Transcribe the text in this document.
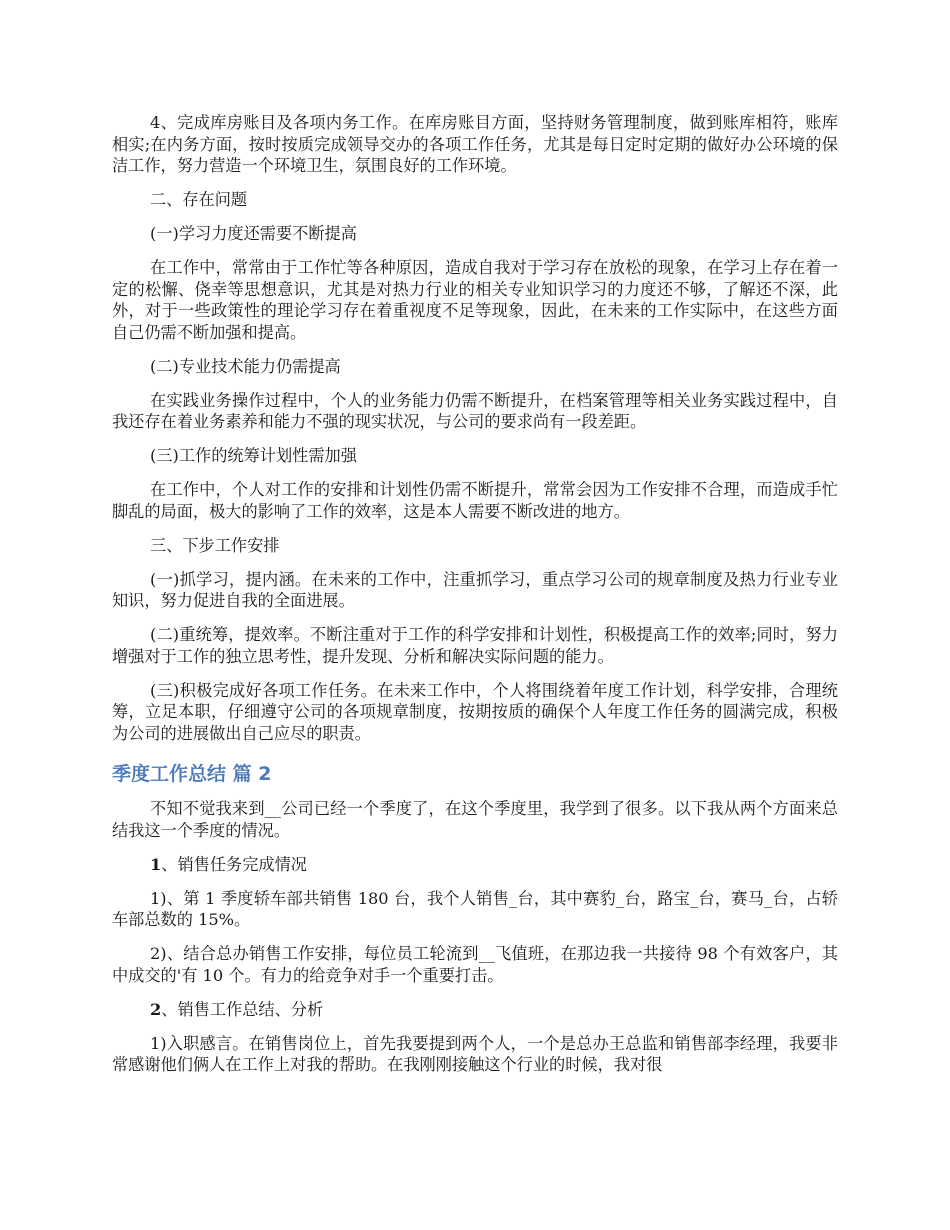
4、完成库房账目及各项内务工作。在库房账目方面，坚持财务管理制度，做到账库相符，账库相实;在内务方面，按时按质完成领导交办的各项工作任务，尤其是每日定时定期的做好办公环境的保洁工作，努力营造一个环境卫生，氛围良好的工作环境。

二、存在问题

(一)学习力度还需要不断提高

在工作中，常常由于工作忙等各种原因，造成自我对于学习存在放松的现象，在学习上存在着一定的松懈、侥幸等思想意识，尤其是对热力行业的相关专业知识学习的力度还不够，了解还不深，此外，对于一些政策性的理论学习存在着重视度不足等现象，因此，在未来的工作实际中，在这些方面自己仍需不断加强和提高。

(二)专业技术能力仍需提高

在实践业务操作过程中，个人的业务能力仍需不断提升，在档案管理等相关业务实践过程中，自我还存在着业务素养和能力不强的现实状况，与公司的要求尚有一段差距。

(三)工作的统筹计划性需加强

在工作中，个人对工作的安排和计划性仍需不断提升，常常会因为工作安排不合理，而造成手忙脚乱的局面，极大的影响了工作的效率，这是本人需要不断改进的地方。

三、下步工作安排

(一)抓学习，提内涵。在未来的工作中，注重抓学习，重点学习公司的规章制度及热力行业专业知识，努力促进自我的全面进展。

(二)重统筹，提效率。不断注重对于工作的科学安排和计划性，积极提高工作的效率;同时，努力增强对于工作的独立思考性，提升发现、分析和解决实际问题的能力。

(三)积极完成好各项工作任务。在未来工作中，个人将围绕着年度工作计划，科学安排，合理统筹，立足本职，仔细遵守公司的各项规章制度，按期按质的确保个人年度工作任务的圆满完成，积极为公司的进展做出自己应尽的职责。

季度工作总结 篇 2

不知不觉我来到__公司已经一个季度了，在这个季度里，我学到了很多。以下我从两个方面来总结我这一个季度的情况。

1、销售任务完成情况

1)、第 1 季度轿车部共销售 180 台，我个人销售_台，其中赛豹_台，路宝_台，赛马_台，占轿车部总数的 15%。

2)、结合总办销售工作安排，每位员工轮流到__飞值班，在那边我一共接待 98 个有效客户，其中成交的'有 10 个。有力的给竞争对手一个重要打击。

2、销售工作总结、分析

1)入职感言。在销售岗位上，首先我要提到两个人，一个是总办王总监和销售部李经理，我要非常感谢他们俩人在工作上对我的帮助。在我刚刚接触这个行业的时候，我对很
